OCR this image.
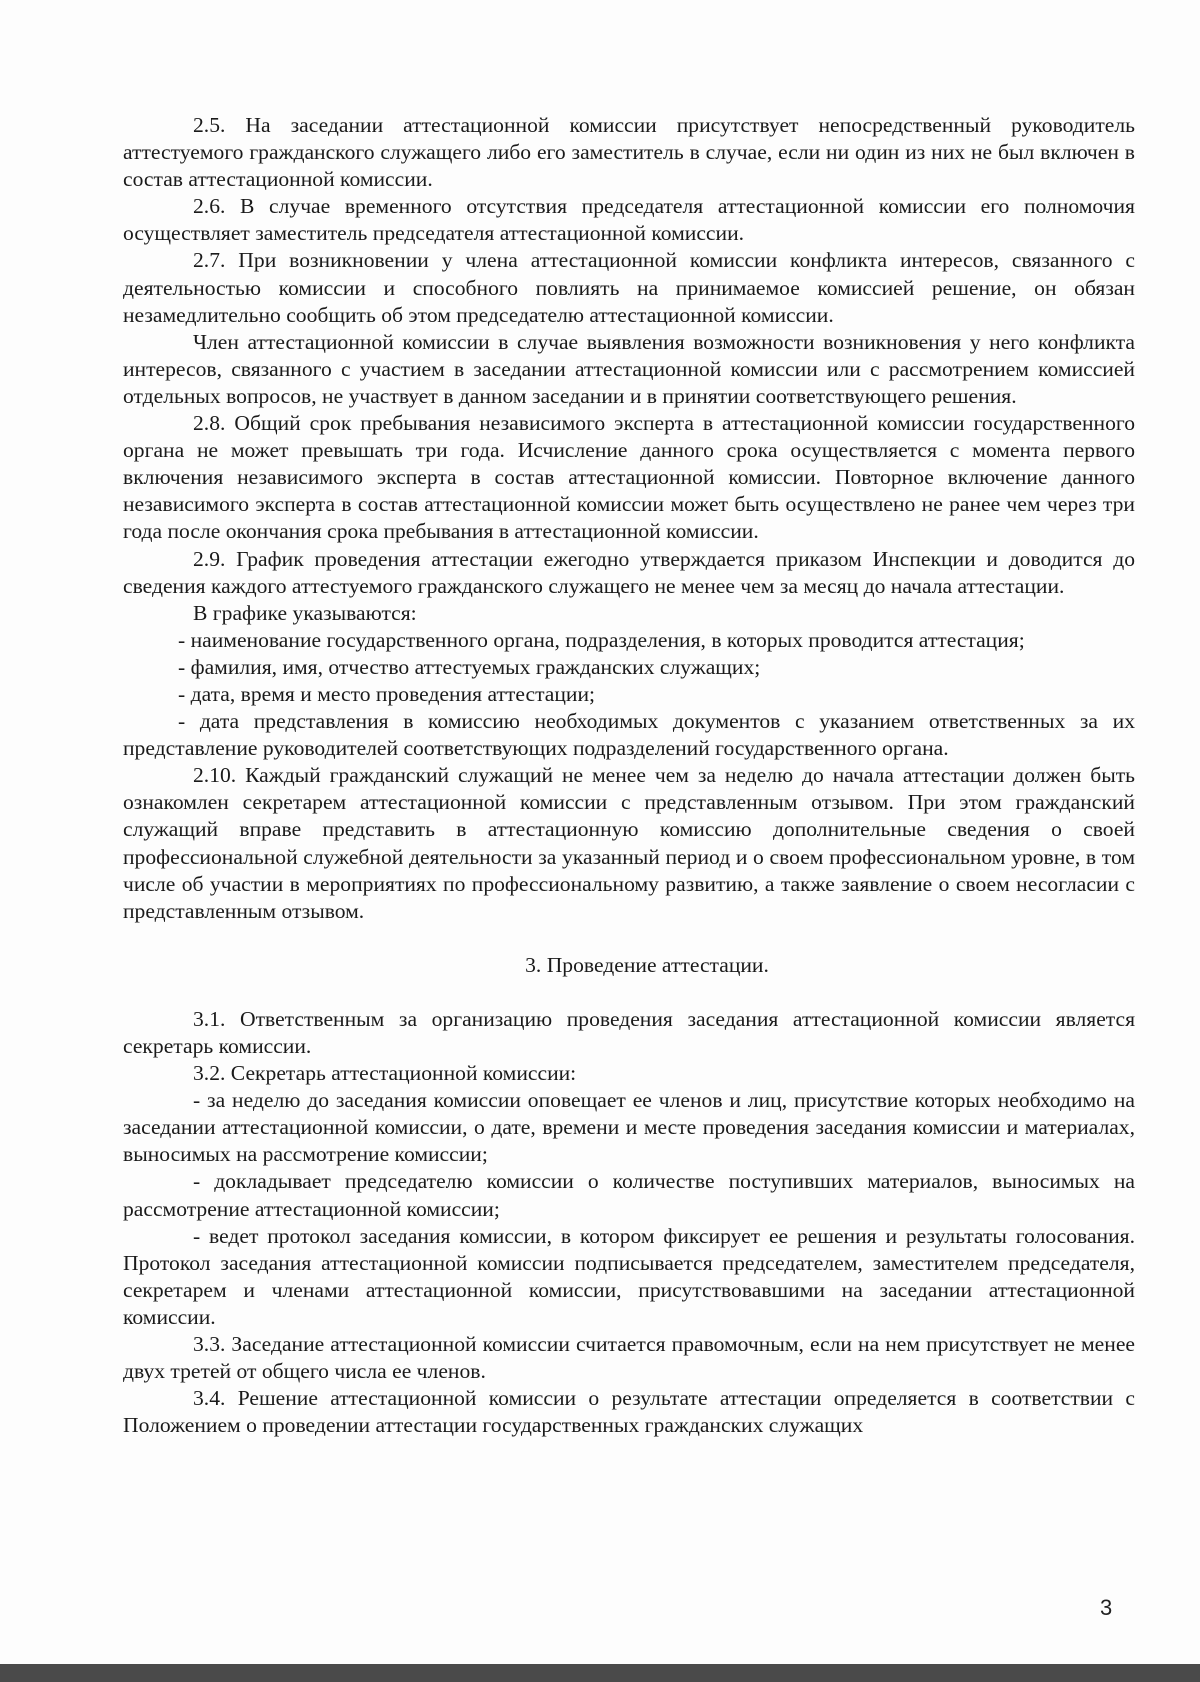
2.5. На заседании аттестационной комиссии присутствует непосредственный руководитель аттестуемого гражданского служащего либо его заместитель в случае, если ни один из них не был включен в состав аттестационной комиссии.

2.6. В случае временного отсутствия председателя аттестационной комиссии его полномочия осуществляет заместитель председателя аттестационной комиссии.

2.7. При возникновении у члена аттестационной комиссии конфликта интересов, связанного с деятельностью комиссии и способного повлиять на принимаемое комиссией решение, он обязан незамедлительно сообщить об этом председателю аттестационной комиссии.

Член аттестационной комиссии в случае выявления возможности возникновения у него конфликта интересов, связанного с участием в заседании аттестационной комиссии или с рассмотрением комиссией отдельных вопросов, не участвует в данном заседании и в принятии соответствующего решения.

2.8. Общий срок пребывания независимого эксперта в аттестационной комиссии государственного органа не может превышать три года. Исчисление данного срока осуществляется с момента первого включения независимого эксперта в состав аттестационной комиссии. Повторное включение данного независимого эксперта в состав аттестационной комиссии может быть осуществлено не ранее чем через три года после окончания срока пребывания в аттестационной комиссии.

2.9. График проведения аттестации ежегодно утверждается приказом Инспекции и доводится до сведения каждого аттестуемого гражданского служащего не менее чем за месяц до начала аттестации.

В графике указываются:

- наименование государственного органа, подразделения, в которых проводится аттестация;

- фамилия, имя, отчество аттестуемых гражданских служащих;

- дата, время и место проведения аттестации;

- дата представления в комиссию необходимых документов с указанием ответственных за их представление руководителей соответствующих подразделений государственного органа.

2.10. Каждый гражданский служащий не менее чем за неделю до начала аттестации должен быть ознакомлен секретарем аттестационной комиссии с представленным отзывом. При этом гражданский служащий вправе представить в аттестационную комиссию дополнительные сведения о своей профессиональной служебной деятельности за указанный период и о своем профессиональном уровне, в том числе об участии в мероприятиях по профессиональному развитию, а также заявление о своем несогласии с представленным отзывом.

3. Проведение аттестации.

3.1. Ответственным за организацию проведения заседания аттестационной комиссии является секретарь комиссии.

3.2. Секретарь аттестационной комиссии:

- за неделю до заседания комиссии оповещает ее членов и лиц, присутствие которых необходимо на заседании аттестационной комиссии, о дате, времени и месте проведения заседания комиссии и материалах, выносимых на рассмотрение комиссии;

- докладывает председателю комиссии о количестве поступивших материалов, выносимых на рассмотрение аттестационной комиссии;

- ведет протокол заседания комиссии, в котором фиксирует ее решения и результаты голосования. Протокол заседания аттестационной комиссии подписывается председателем, заместителем председателя, секретарем и членами аттестационной комиссии, присутствовавшими на заседании аттестационной комиссии.

3.3. Заседание аттестационной комиссии считается правомочным, если на нем присутствует не менее двух третей от общего числа ее членов.

3.4. Решение аттестационной комиссии о результате аттестации определяется в соответствии с Положением о проведении аттестации государственных гражданских служащих

3
